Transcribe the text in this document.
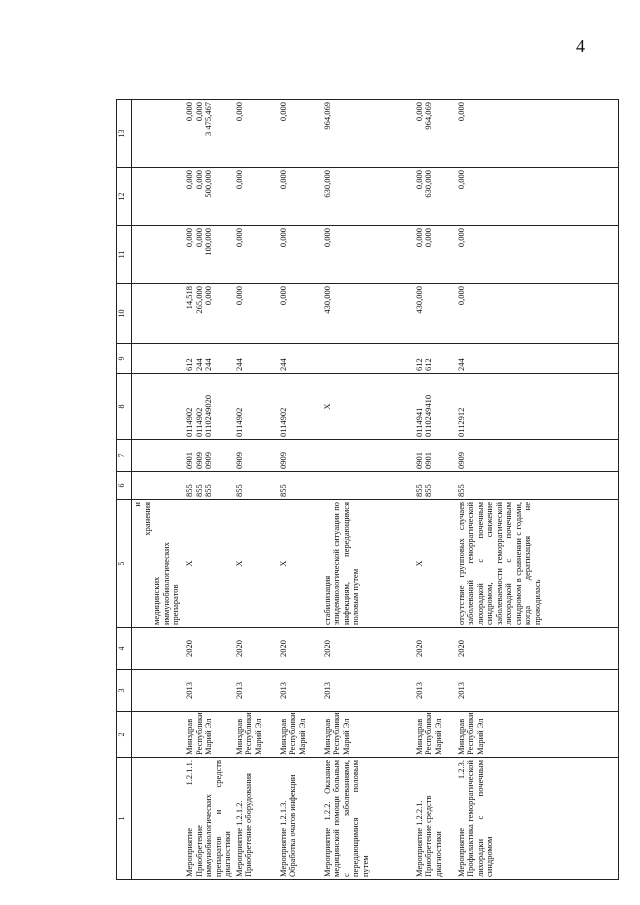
4
1	2	3	4	5	6	7	8	9	10	11	12	13

				и хранения
медицинских иммунобиологических препаратов								

Мероприятие 1.2.1.1. Приобретение иммунобиологических препаратов и средств диагностики	Минздрав Республики Марий Эл	2013	2020	Х	855 855 855	0901 0909 0909	0114902 0114902 0110249020	612 244 244	14,518 265,000 0,000	0,000 0,000 100,000	0,000 0,000 500,000	0,000 0,000 3 475,467

Мероприятие 1.2.1.2. Приобретение оборудования	Минздрав Республики Марий Эл	2013	2020	Х	855	0909	0114902	244	0,000	0,000	0,000	0,000
Мероприятие 1.2.1.3. Обработка очагов инфекции	Минздрав Республики Марий Эл	2013	2020	Х	855	0909	0114902	244	0,000	0,000	0,000	0,000
Мероприятие 1.2.2. Оказание медицинской помощи больным с заболеваниями, передающимися половым путем	Минздрав Республики Марий Эл	2013	2020	стабилизация эпидемиологической ситуации по инфекциям, передающимся половым путем			Х		430,000	0,000	630,000	964,069
Мероприятие 1.2.2.1. Приобретение средств диагностики	Минздрав Республики Марий Эл	2013	2020	Х	855 855	0901 0901	0114941 0110249410	612 612	430,000	0,000 0,000	0,000 630,000	0,000 964,069

Мероприятие 1.2.3. Профилактика геморрагической лихорадки с почечным синдромом	Минздрав Республики Марий Эл	2013	2020	отсутствие групповых случаев заболеваний геморрагической лихорадкой с почечным синдромом, снижение заболеваемости геморрагической лихорадкой с почечным синдромом в сравнении с годами, когда дератизация не проводилась	855	0909	0112912	244	0,000	0,000	0,000	0,000
